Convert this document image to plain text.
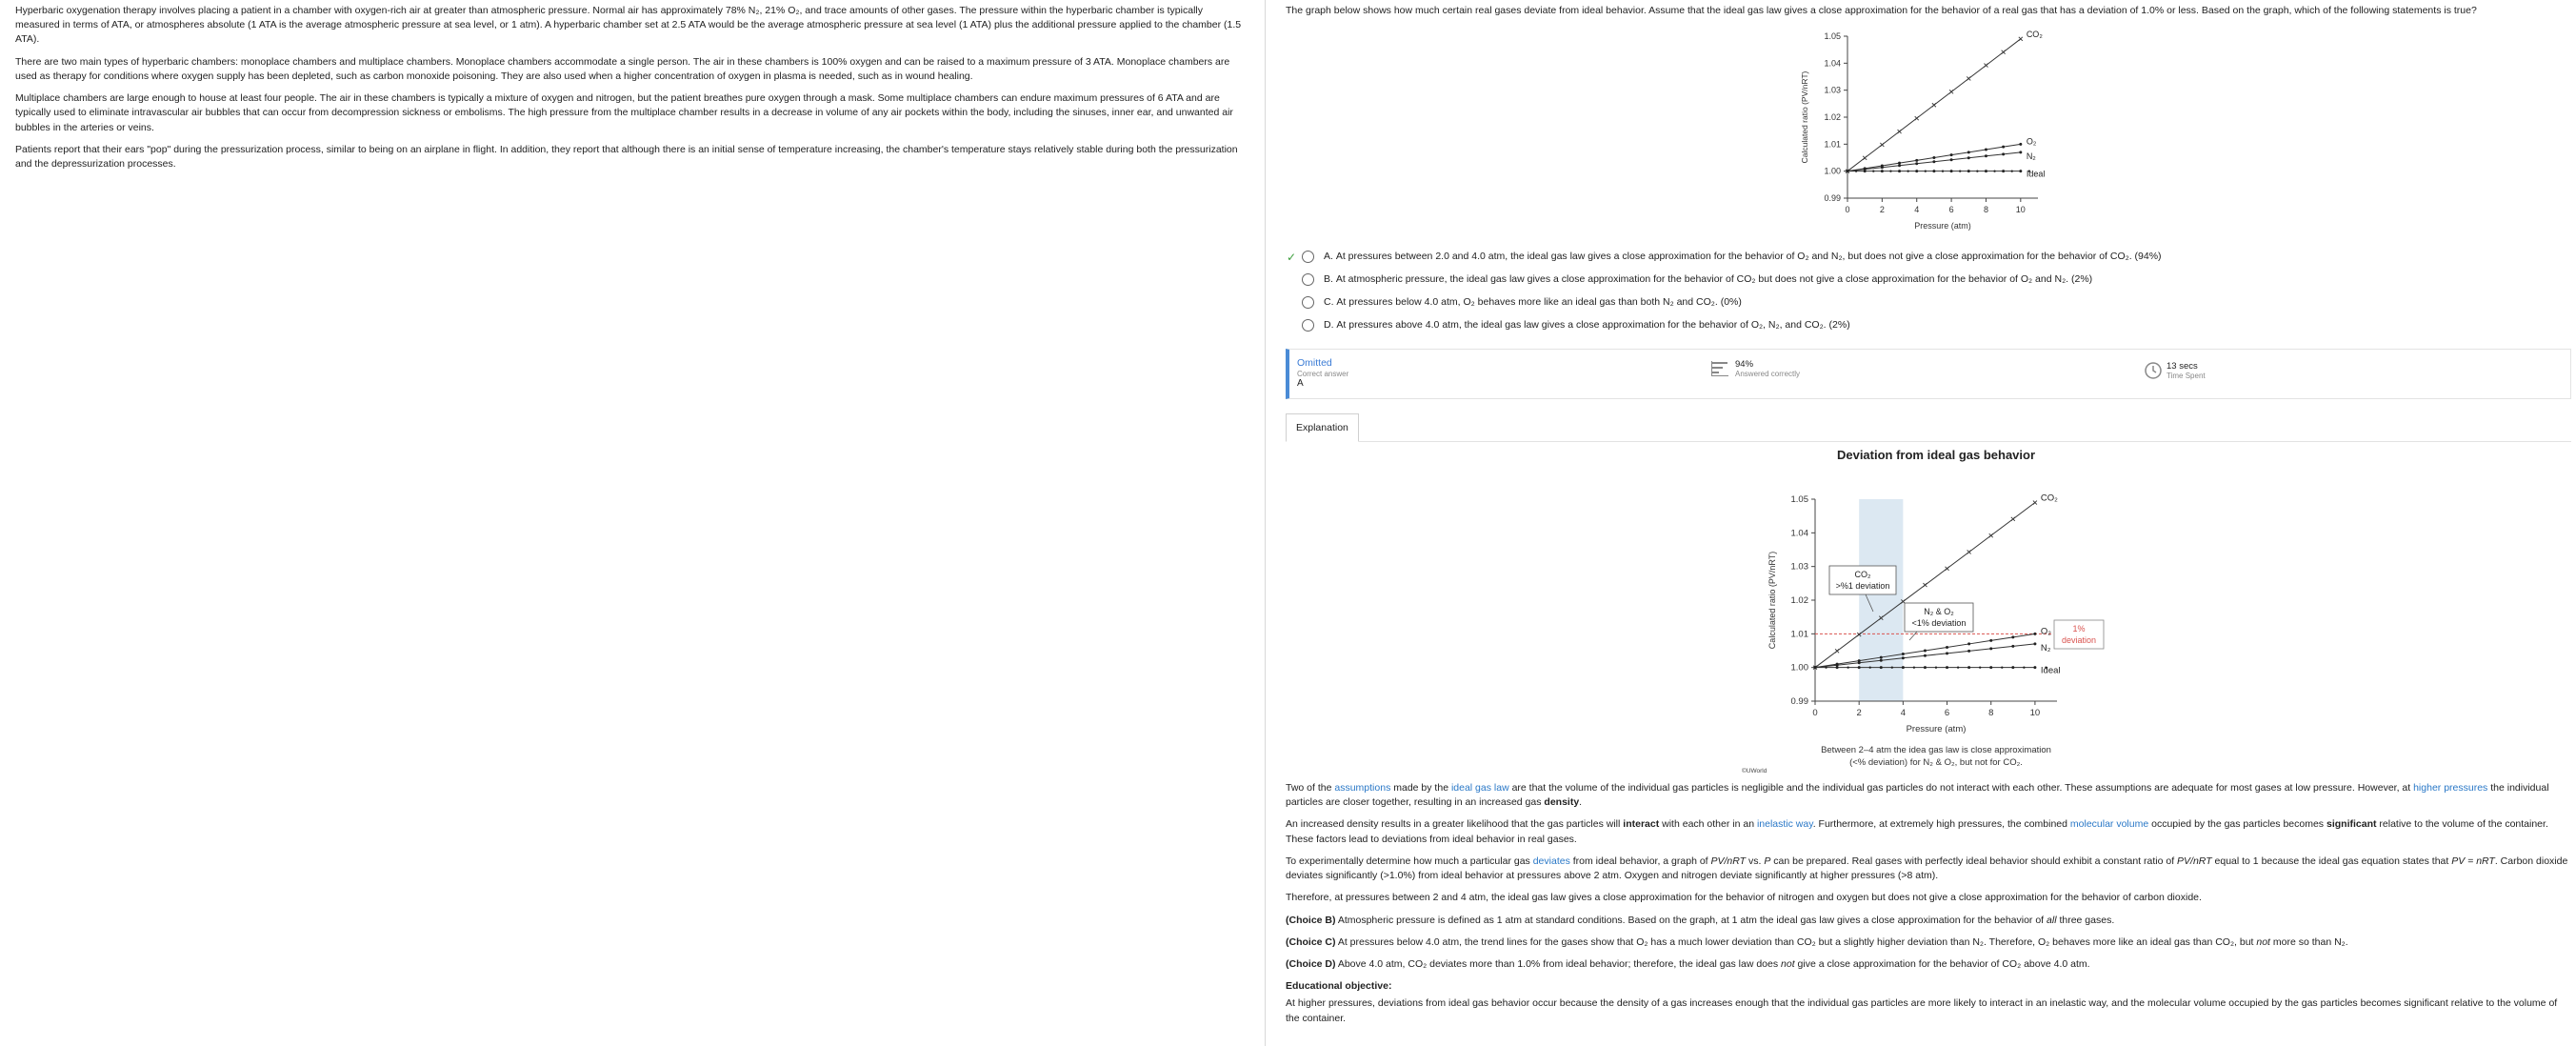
Hyperbaric oxygenation therapy involves placing a patient in a chamber with oxygen-rich air at greater than atmospheric pressure. Normal air has approximately 78% N₂, 21% O₂, and trace amounts of other gases. The pressure within the hyperbaric chamber is typically measured in terms of ATA, or atmospheres absolute (1 ATA is the average atmospheric pressure at sea level, or 1 atm). A hyperbaric chamber set at 2.5 ATA would be the average atmospheric pressure at sea level (1 ATA) plus the additional pressure applied to the chamber (1.5 ATA).

There are two main types of hyperbaric chambers: monoplace chambers and multiplace chambers. Monoplace chambers accommodate a single person. The air in these chambers is 100% oxygen and can be raised to a maximum pressure of 3 ATA. Monoplace chambers are used as therapy for conditions where oxygen supply has been depleted, such as carbon monoxide poisoning. They are also used when a higher concentration of oxygen in plasma is needed, such as in wound healing.

Multiplace chambers are large enough to house at least four people. The air in these chambers is typically a mixture of oxygen and nitrogen, but the patient breathes pure oxygen through a mask. Some multiplace chambers can endure maximum pressures of 6 ATA and are typically used to eliminate intravascular air bubbles that can occur from decompression sickness or embolisms. The high pressure from the multiplace chamber results in a decrease in volume of any air pockets within the body, including the sinuses, inner ear, and unwanted air bubbles in the arteries or veins.

Patients report that their ears "pop" during the pressurization process, similar to being on an airplane in flight. In addition, they report that although there is an initial sense of temperature increasing, the chamber's temperature stays relatively stable during both the pressurization and the depressurization processes.

The graph below shows how much certain real gases deviate from ideal behavior. Assume that the ideal gas law gives a close approximation for the behavior of a real gas that has a deviation of 1.0% or less. Based on the graph, which of the following statements is true?

0.99
1.00
1.01
1.02
1.03
1.04
1.05
0	2	4	6	8	10
Pressure (atm)
Calculated ratio (PV/nRT)
CO₂
O₂
N₂
Ideal
✓	A.
At pressures between 2.0 and 4.0 atm, the ideal gas law gives a close approximation for the behavior of O₂ and N₂, but does not give a close approximation for the behavior of CO₂.
(94%)
B.
At atmospheric pressure, the ideal gas law gives a close approximation for the behavior of CO₂ but does not give a close approximation for the behavior of O₂ and N₂.
(2%)
C.
At pressures below 4.0 atm, O₂ behaves more like an ideal gas than both N₂ and CO₂.
(0%)
D.
At pressures above 4.0 atm, the ideal gas law gives a close approximation for the behavior of O₂, N₂, and CO₂.
(2%)
Omitted
Correct answer
A
94%
Answered correctly
13 secs
Time Spent
Explanation
Deviation from ideal gas behavior
0.99
1.00
1.01
1.02
1.03
1.04
1.05
0	2	4	6	8	10
Pressure (atm)
Calculated ratio (PV/nRT)
CO₂
O₂
N₂
Ideal
CO₂
>%1 deviation
N₂ & O₂
<1% deviation
1%
deviation
Between 2–4 atm the idea gas law is close approximation
(<% deviation) for N₂ & O₂, but not for CO₂.
©UWorld

Two of the assumptions made by the ideal gas law are that the volume of the individual gas particles is negligible and the individual gas particles do not interact with each other. These assumptions are adequate for most gases at low pressure. However, at higher pressures the individual particles are closer together, resulting in an increased gas density.

An increased density results in a greater likelihood that the gas particles will interact with each other in an inelastic way. Furthermore, at extremely high pressures, the combined molecular volume occupied by the gas particles becomes significant relative to the volume of the container. These factors lead to deviations from ideal behavior in real gases.

To experimentally determine how much a particular gas deviates from ideal behavior, a graph of PV/nRT vs. P can be prepared. Real gases with perfectly ideal behavior should exhibit a constant ratio of PV/nRT equal to 1 because the ideal gas equation states that PV = nRT. Carbon dioxide deviates significantly (>1.0%) from ideal behavior at pressures above 2 atm. Oxygen and nitrogen deviate significantly at higher pressures (>8 atm).

Therefore, at pressures between 2 and 4 atm, the ideal gas law gives a close approximation for the behavior of nitrogen and oxygen but does not give a close approximation for the behavior of carbon dioxide.

(Choice B) Atmospheric pressure is defined as 1 atm at standard conditions. Based on the graph, at 1 atm the ideal gas law gives a close approximation for the behavior of all three gases.

(Choice C) At pressures below 4.0 atm, the trend lines for the gases show that O₂ has a much lower deviation than CO₂ but a slightly higher deviation than N₂. Therefore, O₂ behaves more like an ideal gas than CO₂, but not more so than N₂.

(Choice D) Above 4.0 atm, CO₂ deviates more than 1.0% from ideal behavior; therefore, the ideal gas law does not give a close approximation for the behavior of CO₂ above 4.0 atm.

Educational objective:

At higher pressures, deviations from ideal gas behavior occur because the density of a gas increases enough that the individual gas particles are more likely to interact in an inelastic way, and the molecular volume occupied by the gas particles becomes significant relative to the volume of the container.
